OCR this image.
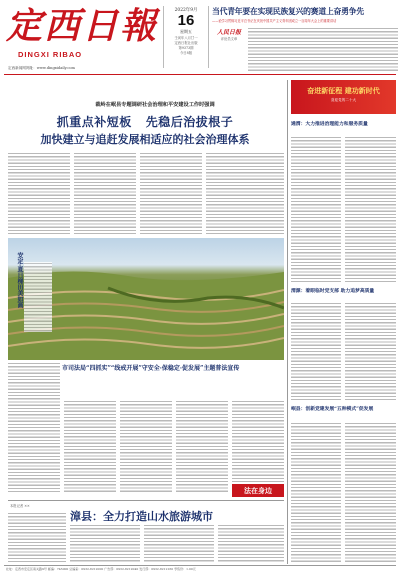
定西日報
DINGXI RIBAO
定西新闻网网址：www.dingxidaily.com
2022年9月
16
星期五
壬寅年八月廿一
定西日报社出版
第9373期
今日8版
当代青年要在实现民族复兴的赛道上奋勇争先
——论学习贯彻习近平总书记在庆祝中国共产主义青年团成立一百周年大会上的重要讲话
人民日报
评论员文章
裁岭在岷县专题调研社会治理和平安建设工作时强调
抓重点补短板   先稳后治拔根子
加快建立与追赶发展相适应的社会治理体系
安定·夏日梯田美如画
市司法局“四抓实”“线戒开展”守安全·保稳定·促发展”主题普法宣传
法在身边
本报记者 ××
漳县：全力打造山水旅游城市
奋进新征程 建功新时代
喜迎党的二十大
通渭：大力推进治理能力和服务质量
渭源：着眼临时党支部 助力追梦高质量
岷县：创新党建发展“五种模式”促发展
社址：定西市安定区南关路9号 邮编：743000 总编室：0932-8212000 广告部：0932-8212040 发行部：0932-8212160 零售价：1.00元
